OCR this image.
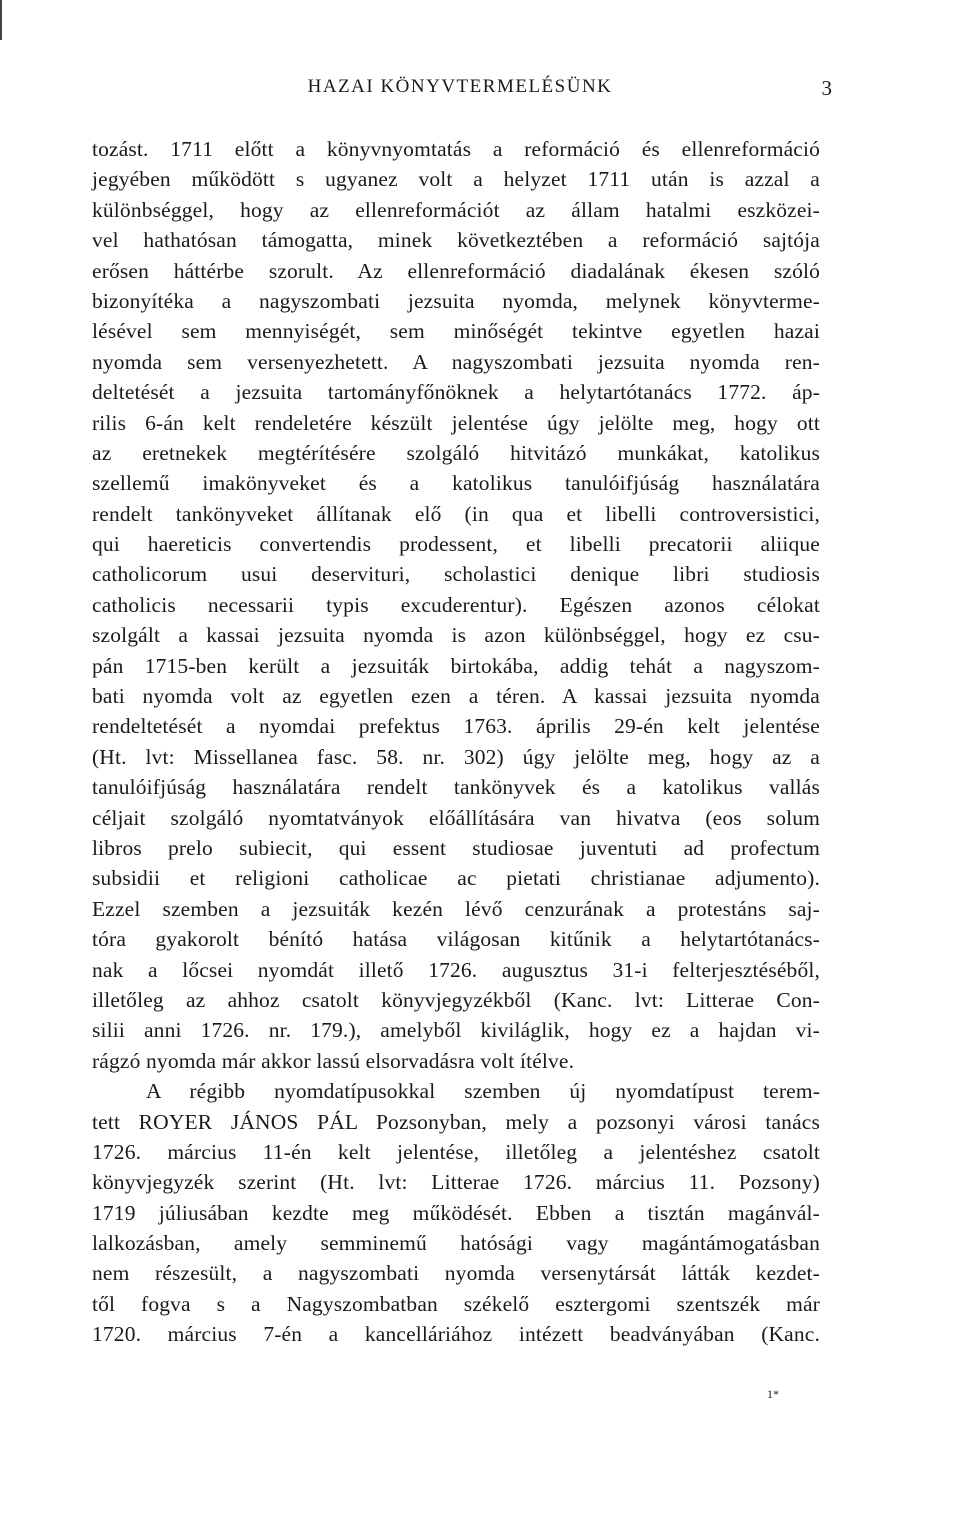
HAZAI KÖNYVTERMELÉSÜNK	3
tozást. 1711 előtt a könyvnyomtatás a reformáció és ellenreformáció
jegyében működött s ugyanez volt a helyzet 1711 után is azzal a
különbséggel, hogy az ellenreformációt az állam hatalmi eszközei-
vel hathatósan támogatta, minek következtében a reformáció sajtója
erősen háttérbe szorult. Az ellenreformáció diadalának ékesen szóló
bizonyítéka a nagyszombati jezsuita nyomda, melynek könyvterme-
lésével sem mennyiségét, sem minőségét tekintve egyetlen hazai
nyomda sem versenyezhetett. A nagyszombati jezsuita nyomda ren-
deltetését a jezsuita tartományfőnöknek a helytartótanács 1772. áp-
rilis 6-án kelt rendeletére készült jelentése úgy jelölte meg, hogy ott
az eretnekek megtérítésére szolgáló hitvitázó munkákat, katolikus
szellemű imakönyveket és a katolikus tanulóifjúság használatára
rendelt tankönyveket állítanak elő (in qua et libelli controversistici,
qui haereticis convertendis prodessent, et libelli precatorii aliique
catholicorum usui deservituri, scholastici denique libri studiosis
catholicis necessarii typis excuderentur). Egészen azonos célokat
szolgált a kassai jezsuita nyomda is azon különbséggel, hogy ez csu-
pán 1715-ben került a jezsuiták birtokába, addig tehát a nagyszom-
bati nyomda volt az egyetlen ezen a téren. A kassai jezsuita nyomda
rendeltetését a nyomdai prefektus 1763. április 29-én kelt jelentése
(Ht. lvt: Missellanea fasc. 58. nr. 302) úgy jelölte meg, hogy az a
tanulóifjúság használatára rendelt tankönyvek és a katolikus vallás
céljait szolgáló nyomtatványok előállítására van hivatva (eos solum
libros prelo subiecit, qui essent studiosae juventuti ad profectum
subsidii et religioni catholicae ac pietati christianae adjumento).
Ezzel szemben a jezsuiták kezén lévő cenzurának a protestáns saj-
tóra gyakorolt bénító hatása világosan kitűnik a helytartótanács-
nak a lőcsei nyomdát illető 1726. augusztus 31-i felterjesztéséből,
illetőleg az ahhoz csatolt könyvjegyzékből (Kanc. lvt: Litterae Con-
silii anni 1726. nr. 179.), amelyből kiviláglik, hogy ez a hajdan vi-
rágzó nyomda már akkor lassú elsorvadásra volt ítélve.
A régibb nyomdatípusokkal szemben új nyomdatípust terem-
tett ROYER JÁNOS PÁL Pozsonyban, mely a pozsonyi városi tanács
1726. március 11-én kelt jelentése, illetőleg a jelentéshez csatolt
könyvjegyzék szerint (Ht. lvt: Litterae 1726. március 11. Pozsony)
1719 júliusában kezdte meg működését. Ebben a tisztán magánvál-
lalkozásban, amely semminemű hatósági vagy magántámogatásban
nem részesült, a nagyszombati nyomda versenytársát látták kezdet-
től fogva s a Nagyszombatban székelő esztergomi szentszék már
1720. március 7-én a kancelláriához intézett beadványában (Kanc.
1*
